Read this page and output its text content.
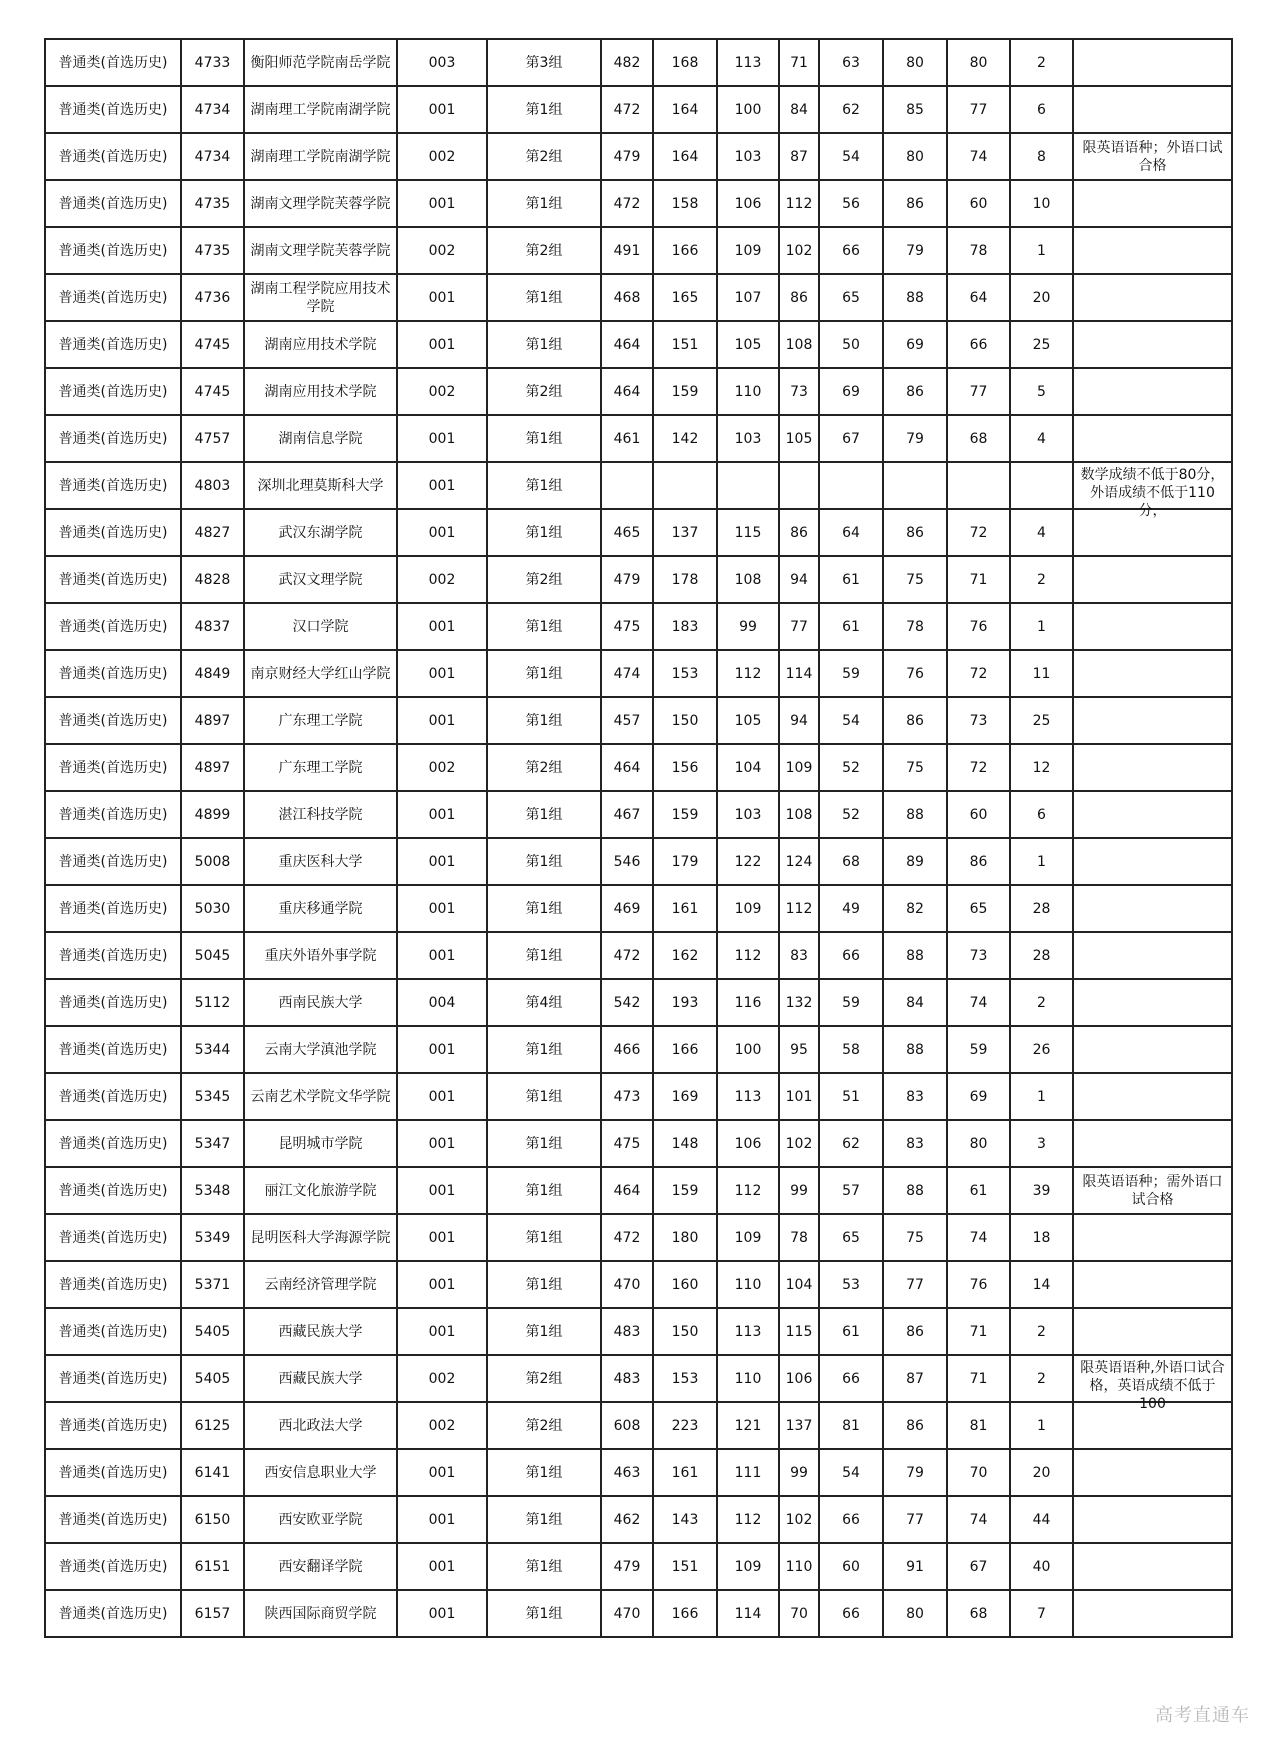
普通类(首选历史)	4733	衡阳师范学院南岳学院	003	第3组	482	168	113	71	63	80	80	2	

普通类(首选历史)	4734	湖南理工学院南湖学院	001	第1组	472	164	100	84	62	85	77	6	

普通类(首选历史)	4734	湖南理工学院南湖学院	002	第2组	479	164	103	87	54	80	74	8	限英语语种；外语口试合格

普通类(首选历史)	4735	湖南文理学院芙蓉学院	001	第1组	472	158	106	112	56	86	60	10	

普通类(首选历史)	4735	湖南文理学院芙蓉学院	002	第2组	491	166	109	102	66	79	78	1	

普通类(首选历史)	4736	湖南工程学院应用技术学院	001	第1组	468	165	107	86	65	88	64	20	

普通类(首选历史)	4745	湖南应用技术学院	001	第1组	464	151	105	108	50	69	66	25	

普通类(首选历史)	4745	湖南应用技术学院	002	第2组	464	159	110	73	69	86	77	5	

普通类(首选历史)	4757	湖南信息学院	001	第1组	461	142	103	105	67	79	68	4	

普通类(首选历史)	4803	深圳北理莫斯科大学	001	第1组									数学成绩不低于80分，外语成绩不低于110分，

普通类(首选历史)	4827	武汉东湖学院	001	第1组	465	137	115	86	64	86	72	4	

普通类(首选历史)	4828	武汉文理学院	002	第2组	479	178	108	94	61	75	71	2	

普通类(首选历史)	4837	汉口学院	001	第1组	475	183	99	77	61	78	76	1	

普通类(首选历史)	4849	南京财经大学红山学院	001	第1组	474	153	112	114	59	76	72	11	

普通类(首选历史)	4897	广东理工学院	001	第1组	457	150	105	94	54	86	73	25	

普通类(首选历史)	4897	广东理工学院	002	第2组	464	156	104	109	52	75	72	12	

普通类(首选历史)	4899	湛江科技学院	001	第1组	467	159	103	108	52	88	60	6	

普通类(首选历史)	5008	重庆医科大学	001	第1组	546	179	122	124	68	89	86	1	

普通类(首选历史)	5030	重庆移通学院	001	第1组	469	161	109	112	49	82	65	28	

普通类(首选历史)	5045	重庆外语外事学院	001	第1组	472	162	112	83	66	88	73	28	

普通类(首选历史)	5112	西南民族大学	004	第4组	542	193	116	132	59	84	74	2	

普通类(首选历史)	5344	云南大学滇池学院	001	第1组	466	166	100	95	58	88	59	26	

普通类(首选历史)	5345	云南艺术学院文华学院	001	第1组	473	169	113	101	51	83	69	1	

普通类(首选历史)	5347	昆明城市学院	001	第1组	475	148	106	102	62	83	80	3	

普通类(首选历史)	5348	丽江文化旅游学院	001	第1组	464	159	112	99	57	88	61	39	限英语语种；需外语口试合格

普通类(首选历史)	5349	昆明医科大学海源学院	001	第1组	472	180	109	78	65	75	74	18	

普通类(首选历史)	5371	云南经济管理学院	001	第1组	470	160	110	104	53	77	76	14	

普通类(首选历史)	5405	西藏民族大学	001	第1组	483	150	113	115	61	86	71	2	

普通类(首选历史)	5405	西藏民族大学	002	第2组	483	153	110	106	66	87	71	2	限英语语种,外语口试合格，英语成绩不低于100

普通类(首选历史)	6125	西北政法大学	002	第2组	608	223	121	137	81	86	81	1	

普通类(首选历史)	6141	西安信息职业大学	001	第1组	463	161	111	99	54	79	70	20	

普通类(首选历史)	6150	西安欧亚学院	001	第1组	462	143	112	102	66	77	74	44	

普通类(首选历史)	6151	西安翻译学院	001	第1组	479	151	109	110	60	91	67	40	

普通类(首选历史)	6157	陕西国际商贸学院	001	第1组	470	166	114	70	66	80	68	7	
高考直通车
